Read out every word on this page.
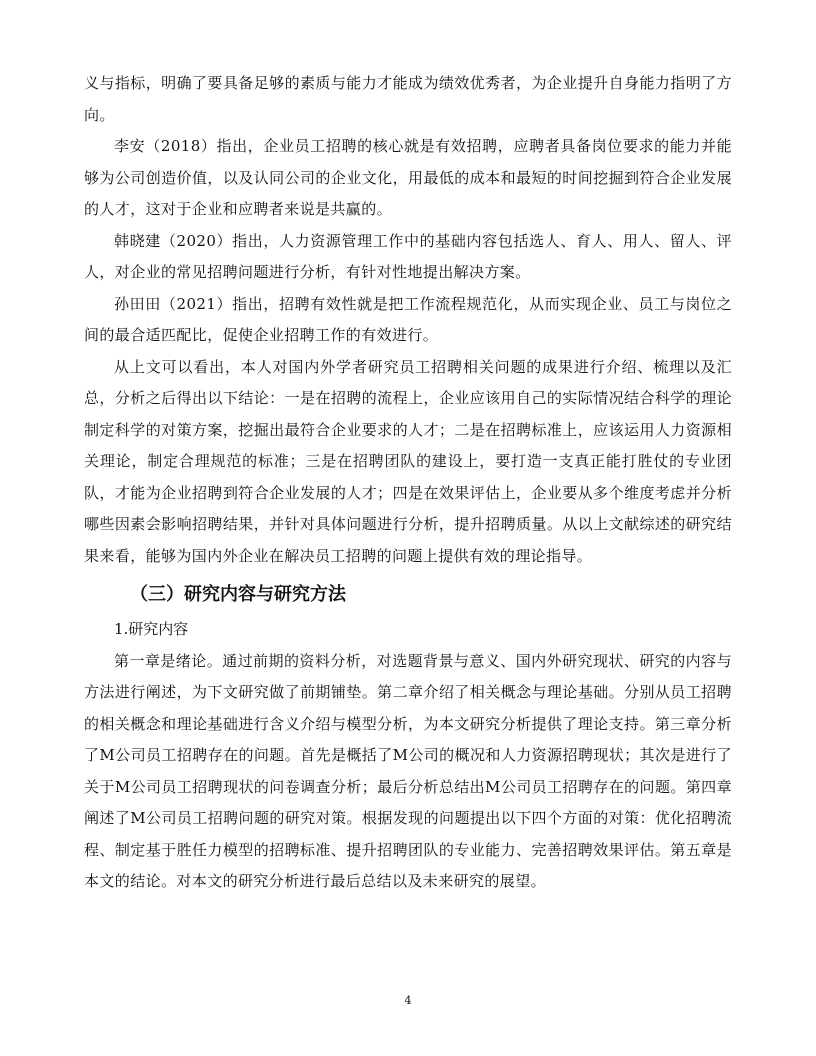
义与指标，明确了要具备足够的素质与能力才能成为绩效优秀者，为企业提升自身能力指明了方向。

李安（2018）指出，企业员工招聘的核心就是有效招聘，应聘者具备岗位要求的能力并能够为公司创造价值，以及认同公司的企业文化，用最低的成本和最短的时间挖掘到符合企业发展的人才，这对于企业和应聘者来说是共赢的。

韩晓建（2020）指出，人力资源管理工作中的基础内容包括选人、育人、用人、留人、评人，对企业的常见招聘问题进行分析，有针对性地提出解决方案。

孙田田（2021）指出，招聘有效性就是把工作流程规范化，从而实现企业、员工与岗位之间的最合适匹配比，促使企业招聘工作的有效进行。

从上文可以看出，本人对国内外学者研究员工招聘相关问题的成果进行介绍、梳理以及汇总，分析之后得出以下结论：一是在招聘的流程上，企业应该用自己的实际情况结合科学的理论制定科学的对策方案，挖掘出最符合企业要求的人才；二是在招聘标准上，应该运用人力资源相关理论，制定合理规范的标准；三是在招聘团队的建设上，要打造一支真正能打胜仗的专业团队，才能为企业招聘到符合企业发展的人才；四是在效果评估上，企业要从多个维度考虑并分析哪些因素会影响招聘结果，并针对具体问题进行分析，提升招聘质量。从以上文献综述的研究结果来看，能够为国内外企业在解决员工招聘的问题上提供有效的理论指导。

（三）研究内容与研究方法

1.研究内容

第一章是绪论。通过前期的资料分析，对选题背景与意义、国内外研究现状、研究的内容与方法进行阐述，为下文研究做了前期铺垫。第二章介绍了相关概念与理论基础。分别从员工招聘的相关概念和理论基础进行含义介绍与模型分析，为本文研究分析提供了理论支持。第三章分析了M公司员工招聘存在的问题。首先是概括了M公司的概况和人力资源招聘现状；其次是进行了关于M公司员工招聘现状的问卷调查分析；最后分析总结出M公司员工招聘存在的问题。第四章阐述了M公司员工招聘问题的研究对策。根据发现的问题提出以下四个方面的对策：优化招聘流程、制定基于胜任力模型的招聘标准、提升招聘团队的专业能力、完善招聘效果评估。第五章是本文的结论。对本文的研究分析进行最后总结以及未来研究的展望。

4
